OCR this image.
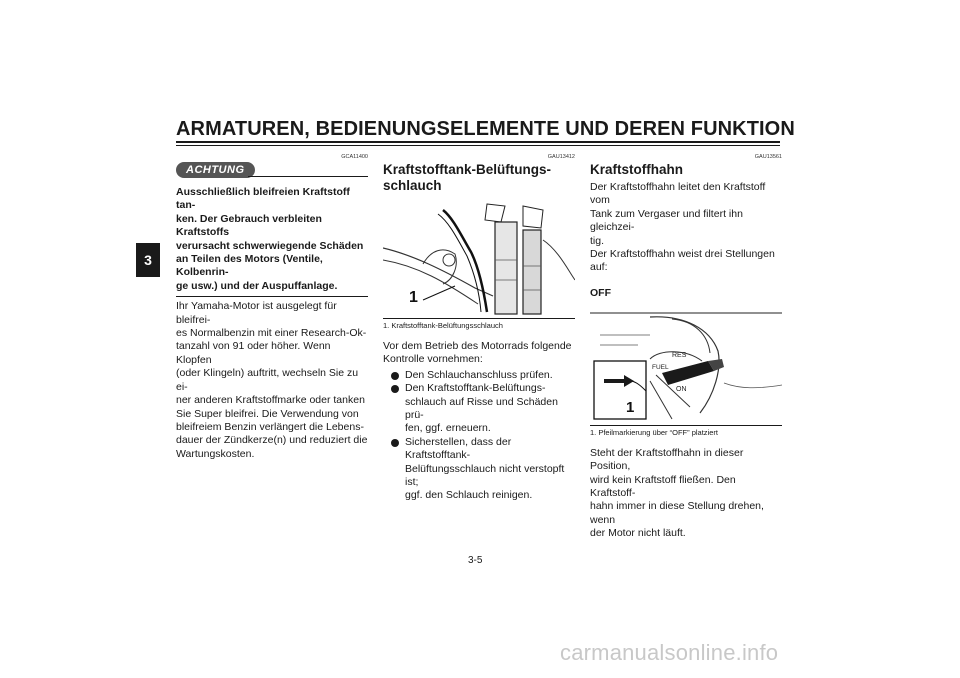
ARMATUREN, BEDIENUNGSELEMENTE UND DEREN FUNKTION
3
GCA11400
ACHTUNG
Ausschließlich bleifreien Kraftstoff tan-
ken. Der Gebrauch verbleiten Kraftstoffs
verursacht schwerwiegende Schäden
an Teilen des Motors (Ventile, Kolbenrin-
ge usw.) und der Auspuffanlage.
Ihr Yamaha-Motor ist ausgelegt für bleifrei-
es Normalbenzin mit einer Research-Ok-
tanzahl von 91 oder höher. Wenn Klopfen
(oder Klingeln) auftritt, wechseln Sie zu ei-
ner anderen Kraftstoffmarke oder tanken
Sie Super bleifrei. Die Verwendung von
bleifreiem Benzin verlängert die Lebens-
dauer der Zündkerze(n) und reduziert die
Wartungskosten.
GAU13412
Kraftstofftank-Belüftungs-
schlauch
1
1. Kraftstofftank-Belüftungsschlauch
Vor dem Betrieb des Motorrads folgende
Kontrolle vornehmen:
Den Schlauchanschluss prüfen.
Den Kraftstofftank-Belüftungs-
schlauch auf Risse und Schäden prü-
fen, ggf. erneuern.
Sicherstellen, dass der Kraftstofftank-
Belüftungsschlauch nicht verstopft ist;
ggf. den Schlauch reinigen.
GAU13561
Kraftstoffhahn
Der Kraftstoffhahn leitet den Kraftstoff vom
Tank zum Vergaser und filtert ihn gleichzei-
tig.
Der Kraftstoffhahn weist drei Stellungen
auf:
OFF
RES
FUEL
ON
1
1. Pfeilmarkierung über “OFF” platziert
Steht der Kraftstoffhahn in dieser Position,
wird kein Kraftstoff fließen. Den Kraftstoff-
hahn immer in diese Stellung drehen, wenn
der Motor nicht läuft.
3-5
carmanualsonline.info
